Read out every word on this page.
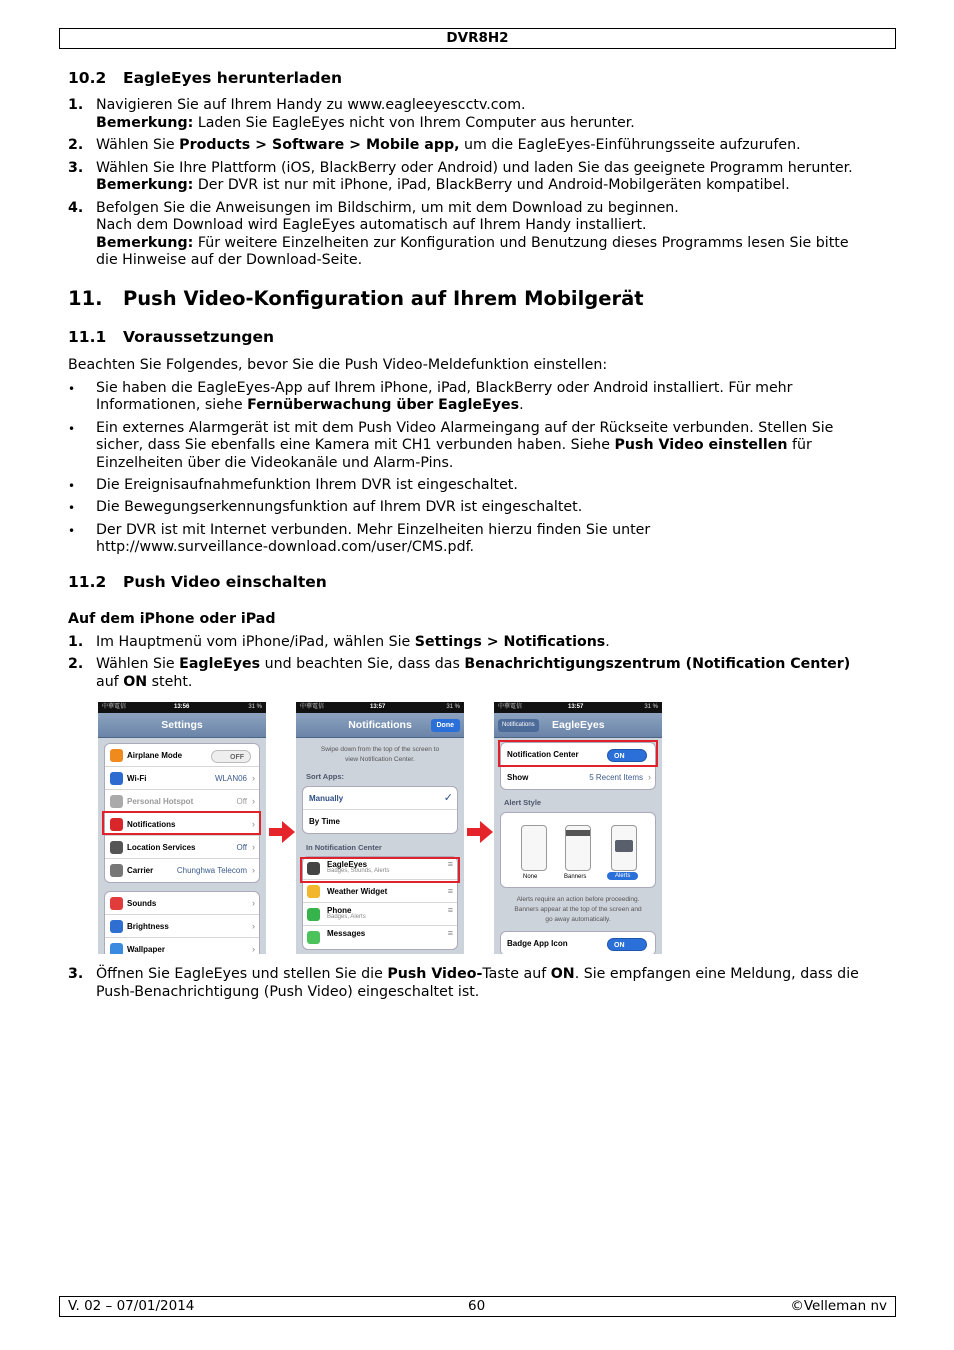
DVR8H2
10.2 EagleEyes herunterladen
1. Navigieren Sie auf Ihrem Handy zu www.eagleeyescctv.com.
Bemerkung: Laden Sie EagleEyes nicht von Ihrem Computer aus herunter.
2. Wählen Sie Products > Software > Mobile app, um die EagleEyes-Einführungsseite aufzurufen.
3. Wählen Sie Ihre Plattform (iOS, BlackBerry oder Android) und laden Sie das geeignete Programm herunter.
Bemerkung: Der DVR ist nur mit iPhone, iPad, BlackBerry und Android-Mobilgeräten kompatibel.
4. Befolgen Sie die Anweisungen im Bildschirm, um mit dem Download zu beginnen.
Nach dem Download wird EagleEyes automatisch auf Ihrem Handy installiert.
Bemerkung: Für weitere Einzelheiten zur Konfiguration und Benutzung dieses Programms lesen Sie bitte
die Hinweise auf der Download-Seite.
11. Push Video-Konfiguration auf Ihrem Mobilgerät
11.1 Voraussetzungen
Beachten Sie Folgendes, bevor Sie die Push Video-Meldefunktion einstellen:
• Sie haben die EagleEyes-App auf Ihrem iPhone, iPad, BlackBerry oder Android installiert. Für mehr
Informationen, siehe Fernüberwachung über EagleEyes.
• Ein externes Alarmgerät ist mit dem Push Video Alarmeingang auf der Rückseite verbunden. Stellen Sie
sicher, dass Sie ebenfalls eine Kamera mit CH1 verbunden haben. Siehe Push Video einstellen für
Einzelheiten über die Videokanäle und Alarm-Pins.
• Die Ereignisaufnahmefunktion Ihrem DVR ist eingeschaltet.
• Die Bewegungserkennungsfunktion auf Ihrem DVR ist eingeschaltet.
• Der DVR ist mit Internet verbunden. Mehr Einzelheiten hierzu finden Sie unter
http://www.surveillance-download.com/user/CMS.pdf.
11.2 Push Video einschalten
Auf dem iPhone oder iPad
1. Im Hauptmenü vom iPhone/iPad, wählen Sie Settings > Notifications.
2. Wählen Sie EagleEyes und beachten Sie, dass das Benachrichtigungszentrum (Notification Center)
auf ON steht.
中華電信	13:56	31 %
Settings
Airplane Mode	OFF
Wi-Fi	WLAN06 ›
Personal Hotspot	Off ›
Notifications	›
Location Services	Off ›
Carrier	Chunghwa Telecom ›
Sounds	›
Brightness	›
Wallpaper	›
中華電信	13:57	31 %
Notifications	Done
Swipe down from the top of the screen to
view Notification Center.
Sort Apps:
Manually	✓
By Time
In Notification Center
EagleEyes
Badges, Sounds, Alerts
≡
Weather Widget	≡
Phone
Badges, Alerts
≡
Messages	≡
中華電信	13:57	31 %
Notifications	EagleEyes
Notification Center	ON
Show	5 Recent Items ›
Alert Style
None	Banners	Alerts
Alerts require an action before proceeding.
Banners appear at the top of the screen and
go away automatically.
Badge App Icon	ON
3. Öffnen Sie EagleEyes und stellen Sie die Push Video-Taste auf ON. Sie empfangen eine Meldung, dass die
Push-Benachrichtigung (Push Video) eingeschaltet ist.
V. 02 – 07/01/2014	60	©Velleman nv
